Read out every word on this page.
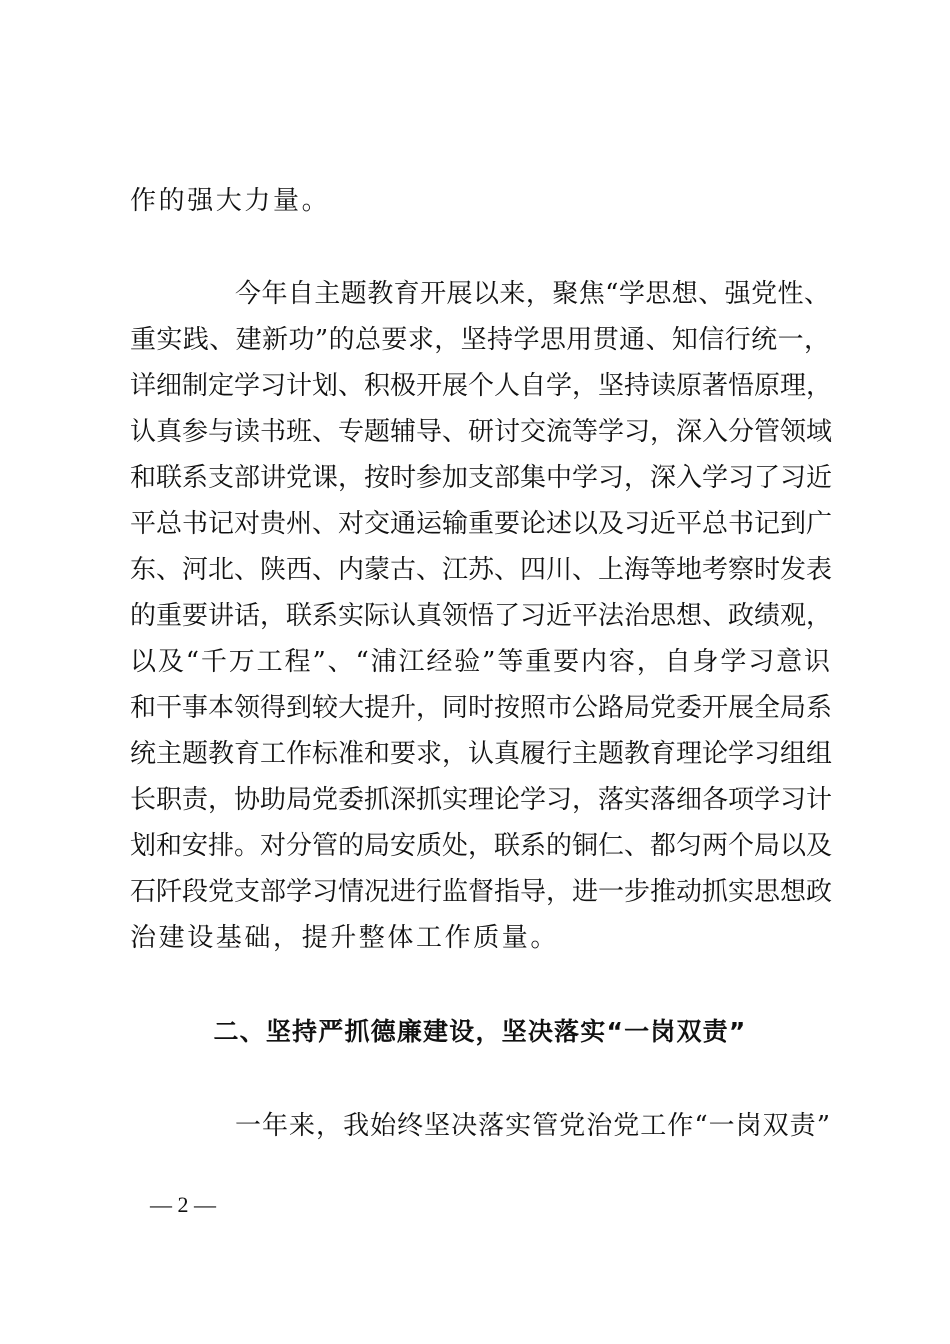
作的强大力量。
今年自主题教育开展以来，聚焦“学思想、强党性、
重实践、建新功”的总要求，坚持学思用贯通、知信行统一，
详细制定学习计划、积极开展个人自学，坚持读原著悟原理，
认真参与读书班、专题辅导、研讨交流等学习，深入分管领域
和联系支部讲党课，按时参加支部集中学习，深入学习了习近
平总书记对贵州、对交通运输重要论述以及习近平总书记到广
东、河北、陕西、内蒙古、江苏、四川、上海等地考察时发表
的重要讲话，联系实际认真领悟了习近平法治思想、政绩观，
以及“千万工程”、“浦江经验”等重要内容，自身学习意识
和干事本领得到较大提升，同时按照市公路局党委开展全局系
统主题教育工作标准和要求，认真履行主题教育理论学习组组
长职责，协助局党委抓深抓实理论学习，落实落细各项学习计
划和安排。对分管的局安质处，联系的铜仁、都匀两个局以及
石阡段党支部学习情况进行监督指导，进一步推动抓实思想政
治建设基础，提升整体工作质量。
二、坚持严抓德廉建设，坚决落实“一岗双责”
一年来，我始终坚决落实管党治党工作“一岗双责”
— 2 —
